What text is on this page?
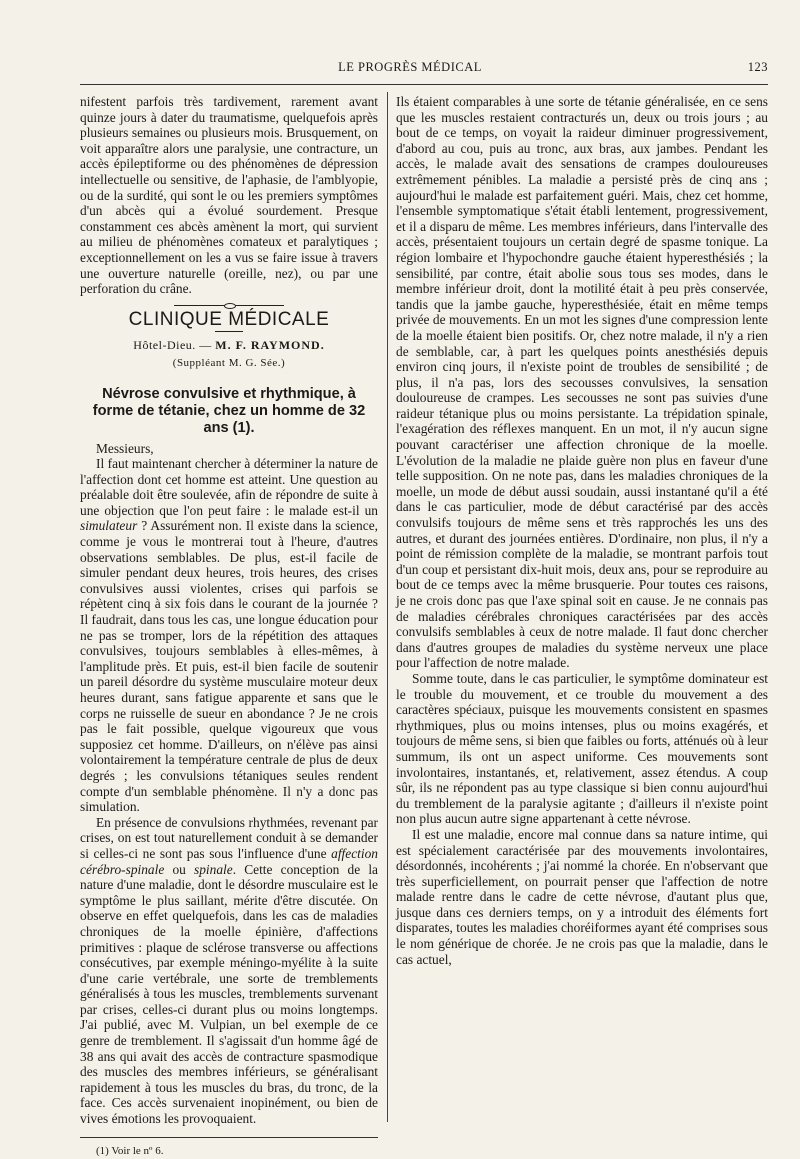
LE PROGRÈS MÉDICAL	123

nifestent parfois très tardivement, rarement avant quinze jours à dater du traumatisme, quelquefois après plusieurs semaines ou plusieurs mois. Brusquement, on voit apparaître alors une paralysie, une contracture, un accès épileptiforme ou des phénomènes de dépression intellectuelle ou sensitive, de l'aphasie, de l'amblyopie, ou de la surdité, qui sont le ou les premiers symptômes d'un abcès qui a évolué sourdement. Presque constamment ces abcès amènent la mort, qui survient au milieu de phénomènes comateux et paralytiques ; exceptionnellement on les a vus se faire issue à travers une ouverture naturelle (oreille, nez), ou par une perforation du crâne.

CLINIQUE MÉDICALE
Hôtel-Dieu. — M. F. RAYMOND.
(Suppléant M. G. Sée.)
Névrose convulsive et rhythmique, à forme de tétanie, chez un homme de 32 ans (1).

Messieurs,

Il faut maintenant chercher à déterminer la nature de l'affection dont cet homme est atteint. Une question au préalable doit être soulevée, afin de répondre de suite à une objection que l'on peut faire : le malade est-il un simulateur ? Assurément non. Il existe dans la science, comme je vous le montrerai tout à l'heure, d'autres observations semblables. De plus, est-il facile de simuler pendant deux heures, trois heures, des crises convulsives aussi violentes, crises qui parfois se répètent cinq à six fois dans le courant de la journée ? Il faudrait, dans tous les cas, une longue éducation pour ne pas se tromper, lors de la répétition des attaques convulsives, toujours semblables à elles-mêmes, à l'amplitude près. Et puis, est-il bien facile de soutenir un pareil désordre du système musculaire moteur deux heures durant, sans fatigue apparente et sans que le corps ne ruisselle de sueur en abondance ? Je ne crois pas le fait possible, quelque vigoureux que vous supposiez cet homme. D'ailleurs, on n'élève pas ainsi volontairement la température centrale de plus de deux degrés ; les convulsions tétaniques seules rendent compte d'un semblable phénomène. Il n'y a donc pas simulation.

En présence de convulsions rhythmées, revenant par crises, on est tout naturellement conduit à se demander si celles-ci ne sont pas sous l'influence d'une affection cérébro-spinale ou spinale. Cette conception de la nature d'une maladie, dont le désordre musculaire est le symptôme le plus saillant, mérite d'être discutée. On observe en effet quelquefois, dans les cas de maladies chroniques de la moelle épinière, d'affections primitives : plaque de sclérose transverse ou affections consécutives, par exemple méningo-myélite à la suite d'une carie vertébrale, une sorte de tremblements généralisés à tous les muscles, tremblements survenant par crises, celles-ci durant plus ou moins longtemps. J'ai publié, avec M. Vulpian, un bel exemple de ce genre de tremblement. Il s'agissait d'un homme âgé de 38 ans qui avait des accès de contracture spasmodique des muscles des membres inférieurs, se généralisant rapidement à tous les muscles du bras, du tronc, de la face. Ces accès survenaient inopinément, ou bien de vives émotions les provoquaient.

(1) Voir le nº 6.

Ils étaient comparables à une sorte de tétanie généralisée, en ce sens que les muscles restaient contracturés un, deux ou trois jours ; au bout de ce temps, on voyait la raideur diminuer progressivement, d'abord au cou, puis au tronc, aux bras, aux jambes. Pendant les accès, le malade avait des sensations de crampes douloureuses extrêmement pénibles. La maladie a persisté près de cinq ans ; aujourd'hui le malade est parfaitement guéri. Mais, chez cet homme, l'ensemble symptomatique s'était établi lentement, progressivement, et il a disparu de même. Les membres inférieurs, dans l'intervalle des accès, présentaient toujours un certain degré de spasme tonique. La région lombaire et l'hypochondre gauche étaient hyperesthésiés ; la sensibilité, par contre, était abolie sous tous ses modes, dans le membre inférieur droit, dont la motilité était à peu près conservée, tandis que la jambe gauche, hyperesthésiée, était en même temps privée de mouvements. En un mot les signes d'une compression lente de la moelle étaient bien positifs. Or, chez notre malade, il n'y a rien de semblable, car, à part les quelques points anesthésiés depuis environ cinq jours, il n'existe point de troubles de sensibilité ; de plus, il n'a pas, lors des secousses convulsives, la sensation douloureuse de crampes. Les secousses ne sont pas suivies d'une raideur tétanique plus ou moins persistante. La trépidation spinale, l'exagération des réflexes manquent. En un mot, il n'y aucun signe pouvant caractériser une affection chronique de la moelle. L'évolution de la maladie ne plaide guère non plus en faveur d'une telle supposition. On ne note pas, dans les maladies chroniques de la moelle, un mode de début aussi soudain, aussi instantané qu'il a été dans le cas particulier, mode de début caractérisé par des accès convulsifs toujours de même sens et très rapprochés les uns des autres, et durant des journées entières. D'ordinaire, non plus, il n'y a point de rémission complète de la maladie, se montrant parfois tout d'un coup et persistant dix-huit mois, deux ans, pour se reproduire au bout de ce temps avec la même brusquerie. Pour toutes ces raisons, je ne crois donc pas que l'axe spinal soit en cause. Je ne connais pas de maladies cérébrales chroniques caractérisées par des accès convulsifs semblables à ceux de notre malade. Il faut donc chercher dans d'autres groupes de maladies du système nerveux une place pour l'affection de notre malade.

Somme toute, dans le cas particulier, le symptôme dominateur est le trouble du mouvement, et ce trouble du mouvement a des caractères spéciaux, puisque les mouvements consistent en spasmes rhythmiques, plus ou moins intenses, plus ou moins exagérés, et toujours de même sens, si bien que faibles ou forts, atténués où à leur summum, ils ont un aspect uniforme. Ces mouvements sont involontaires, instantanés, et, relativement, assez étendus. A coup sûr, ils ne répondent pas au type classique si bien connu aujourd'hui du tremblement de la paralysie agitante ; d'ailleurs il n'existe point non plus aucun autre signe appartenant à cette névrose.

Il est une maladie, encore mal connue dans sa nature intime, qui est spécialement caractérisée par des mouvements involontaires, désordonnés, incohérents ; j'ai nommé la chorée. En n'observant que très superficiellement, on pourrait penser que l'affection de notre malade rentre dans le cadre de cette névrose, d'autant plus que, jusque dans ces derniers temps, on y a introduit des éléments fort disparates, toutes les maladies choréiformes ayant été comprises sous le nom générique de chorée. Je ne crois pas que la maladie, dans le cas actuel,
